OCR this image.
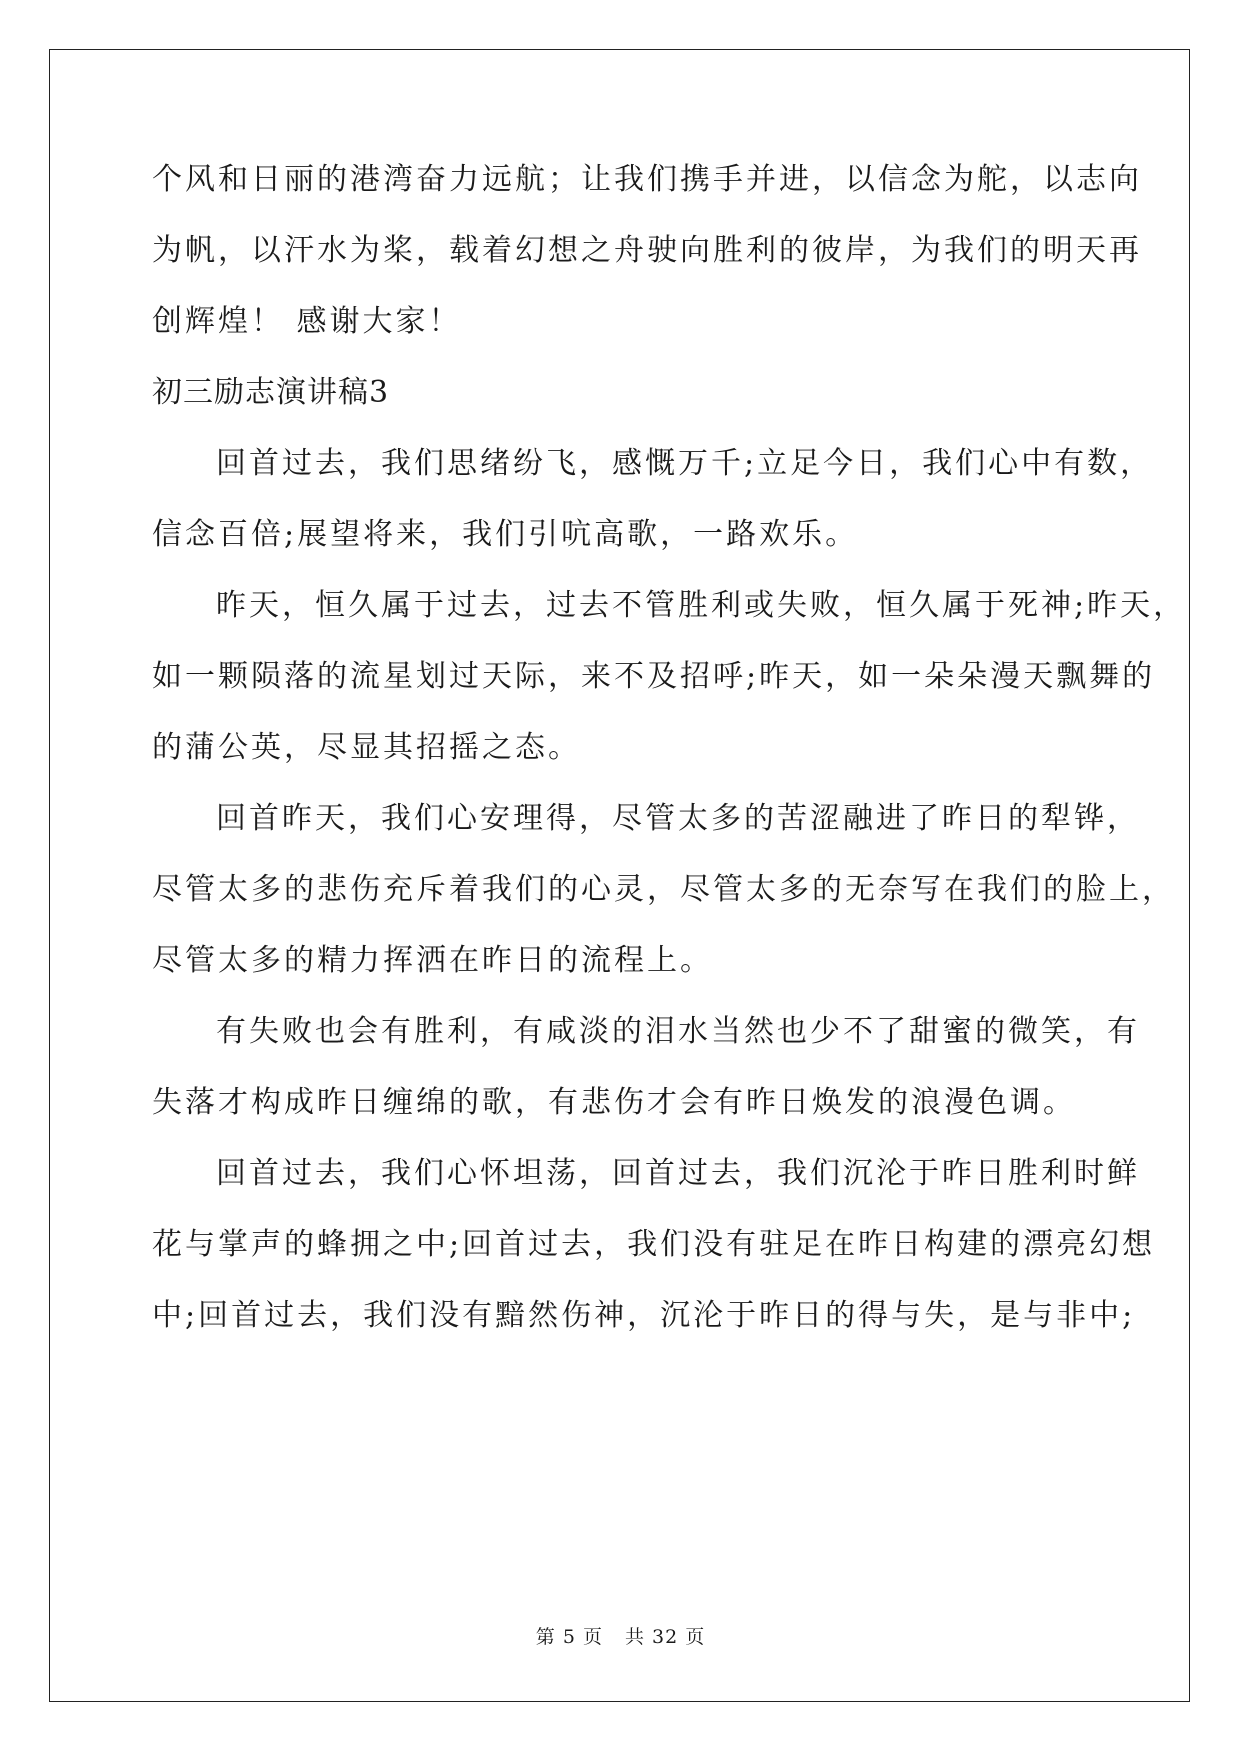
个风和日丽的港湾奋力远航；让我们携手并进，以信念为舵，以志向
为帆，以汗水为桨，载着幻想之舟驶向胜利的彼岸，为我们的明天再
创辉煌！ 感谢大家！
初三励志演讲稿3
回首过去，我们思绪纷飞，感慨万千;立足今日，我们心中有数，
信念百倍;展望将来，我们引吭高歌，一路欢乐。
昨天，恒久属于过去，过去不管胜利或失败，恒久属于死神;昨天，
如一颗陨落的流星划过天际，来不及招呼;昨天，如一朵朵漫天飘舞的
的蒲公英，尽显其招摇之态。
回首昨天，我们心安理得，尽管太多的苦涩融进了昨日的犁铧，
尽管太多的悲伤充斥着我们的心灵，尽管太多的无奈写在我们的脸上，
尽管太多的精力挥洒在昨日的流程上。
有失败也会有胜利，有咸淡的泪水当然也少不了甜蜜的微笑，有
失落才构成昨日缠绵的歌，有悲伤才会有昨日焕发的浪漫色调。
回首过去，我们心怀坦荡，回首过去，我们沉沦于昨日胜利时鲜
花与掌声的蜂拥之中;回首过去，我们没有驻足在昨日构建的漂亮幻想
中;回首过去，我们没有黯然伤神，沉沦于昨日的得与失，是与非中;
第 5 页 共 32 页
